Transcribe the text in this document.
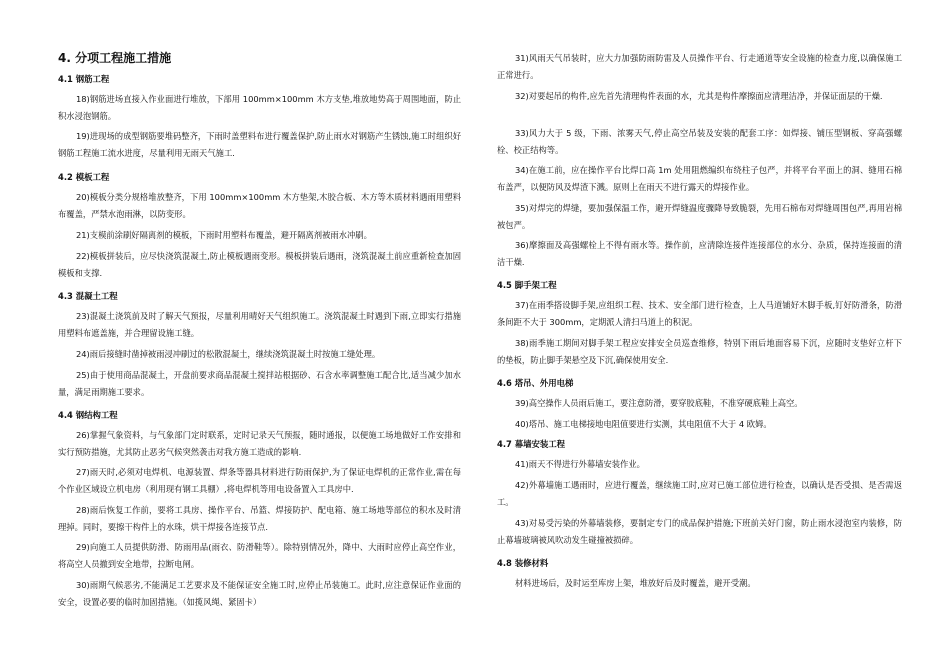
4. 分项工程施工措施
4.1 钢筋工程

18)钢筋进场直接入作业面进行堆放，下部用 100mm×100mm 木方支垫,堆放地势高于周围地面，防止积水浸泡钢筋。

19)进现场的成型钢筋要堆码整齐，下雨时盖塑料布进行覆盖保护,防止雨水对钢筋产生锈蚀,施工时组织好钢筋工程施工流水进度，尽量利用无雨天气施工.

4.2 模板工程

20)模板分类分规格堆放整齐，下用 100mm×100mm 木方垫架,木胶合板、木方等木质材料遇雨用塑料布覆盖，严禁水泡雨淋，以防变形。

21)支模前涂刷好隔离剂的模板，下雨时用塑料布覆盖，避开隔离剂被雨水冲刷。

22)模板拼装后，应尽快浇筑混凝土,防止模板遇雨变形。模板拼装后遇雨，浇筑混凝土前应重新检查加固模板和支撑.

4.3 混凝土工程

23)混凝土浇筑前及时了解天气预报，尽量利用晴好天气组织施工。浇筑混凝土时遇到下雨,立即实行措施用塑料布遮盖施，并合理留设施工缝。

24)雨后接缝时凿掉被雨浸冲刷过的松散混凝土，继续浇筑混凝土时按施工缝处理。

25)由于使用商品混凝土，开盘前要求商品混凝土搅拌站根据砂、石含水率调整施工配合比,适当减少加水量，满足雨期施工要求。

4.4 钢结构工程

26)掌握气象资料，与气象部门定时联系，定时记录天气预报，随时通报，以便施工场地做好工作安排和实行预防措施，尤其防止恶劣气候突然袭击对我方施工造成的影响.

27)雨天时,必须对电焊机、电源装置、焊条等器具材料进行防雨保护,为了保证电焊机的正常作业,需在每个作业区域设立机电房（利用现有钢工具棚）,将电焊机等用电设备置入工具房中.

28)雨后恢复工作前，要将工具房、操作平台、吊篮、焊接防护、配电箱、施工场地等部位的积水及时清理掉。同时，要擦干构件上的水珠，烘干焊接各连接节点.

29)向施工人员提供防滑、防雨用品(雨衣、防滑鞋等）。除特别情况外，降中、大雨时应停止高空作业，将高空人员撤到安全地带，拉断电闸。

30)雨期气候恶劣,不能满足工艺要求及不能保证安全施工时,应停止吊装施工。此时,应注意保证作业面的安全，设置必要的临时加固措施。（如揽风绳、紧固卡）

31)风雨天气吊装时，应大力加强防雨防雷及人员操作平台、行走通道等安全设施的检查力度,以确保施工正常进行。

32)对要起吊的构件,应先首先清理构件表面的水，尤其是构件摩擦面应清理洁净，并保证面层的干燥.

33)风力大于 5 级，下雨、浓雾天气,停止高空吊装及安装的配套工序：如焊接、铺压型钢板、穿高强螺栓、校正结构等。

34)在施工前，应在操作平台比焊口高 1m 处用阻燃编织布绕柱子包严，并将平台平面上的洞、缝用石棉布盖严，以便防风及焊渣下溅。原则上在雨天不进行露天的焊接作业。

35)对焊完的焊缝，要加强保温工作，避开焊缝温度骤降导致脆裂，先用石棉布对焊缝周围包严,再用岩棉被包严。

36)摩擦面及高强螺栓上不得有雨水等。操作前，应清除连接件连接部位的水分、杂质，保持连接面的清洁干燥.

4.5 脚手架工程

37)在雨季搭设脚手架,应组织工程、技术、安全部门进行检查，上人马道铺好木脚手板,钉好防滑条，防滑条间距不大于 300mm，定期派人清扫马道上的积泥。

38)雨季施工期间对脚手架工程应安排安全员巡查维修，特别下雨后地面容易下沉，应随时支垫好立杆下的垫板，防止脚手架悬空及下沉,确保使用安全.

4.6 塔吊、外用电梯

39)高空操作人员雨后施工，要注意防滑，要穿胶底鞋，不准穿硬底鞋上高空。

40)塔吊、施工电梯接地电阻值要进行实测，其电阻值不大于 4 欧姆。

4.7 幕墙安装工程

41)雨天不得进行外幕墙安装作业。

42)外幕墙施工遇雨时，应进行覆盖，继续施工时,应对已施工部位进行检查，以确认是否受损、是否需返工。

43)对易受污染的外幕墙装修，要制定专门的成品保护措施;下班前关好门窗，防止雨水浸泡室内装修，防止幕墙玻璃被风吹动发生碰撞被损碎。

4.8 装修材料

材料进场后，及时运至库房上架，堆放好后及时覆盖，避开受潮。
